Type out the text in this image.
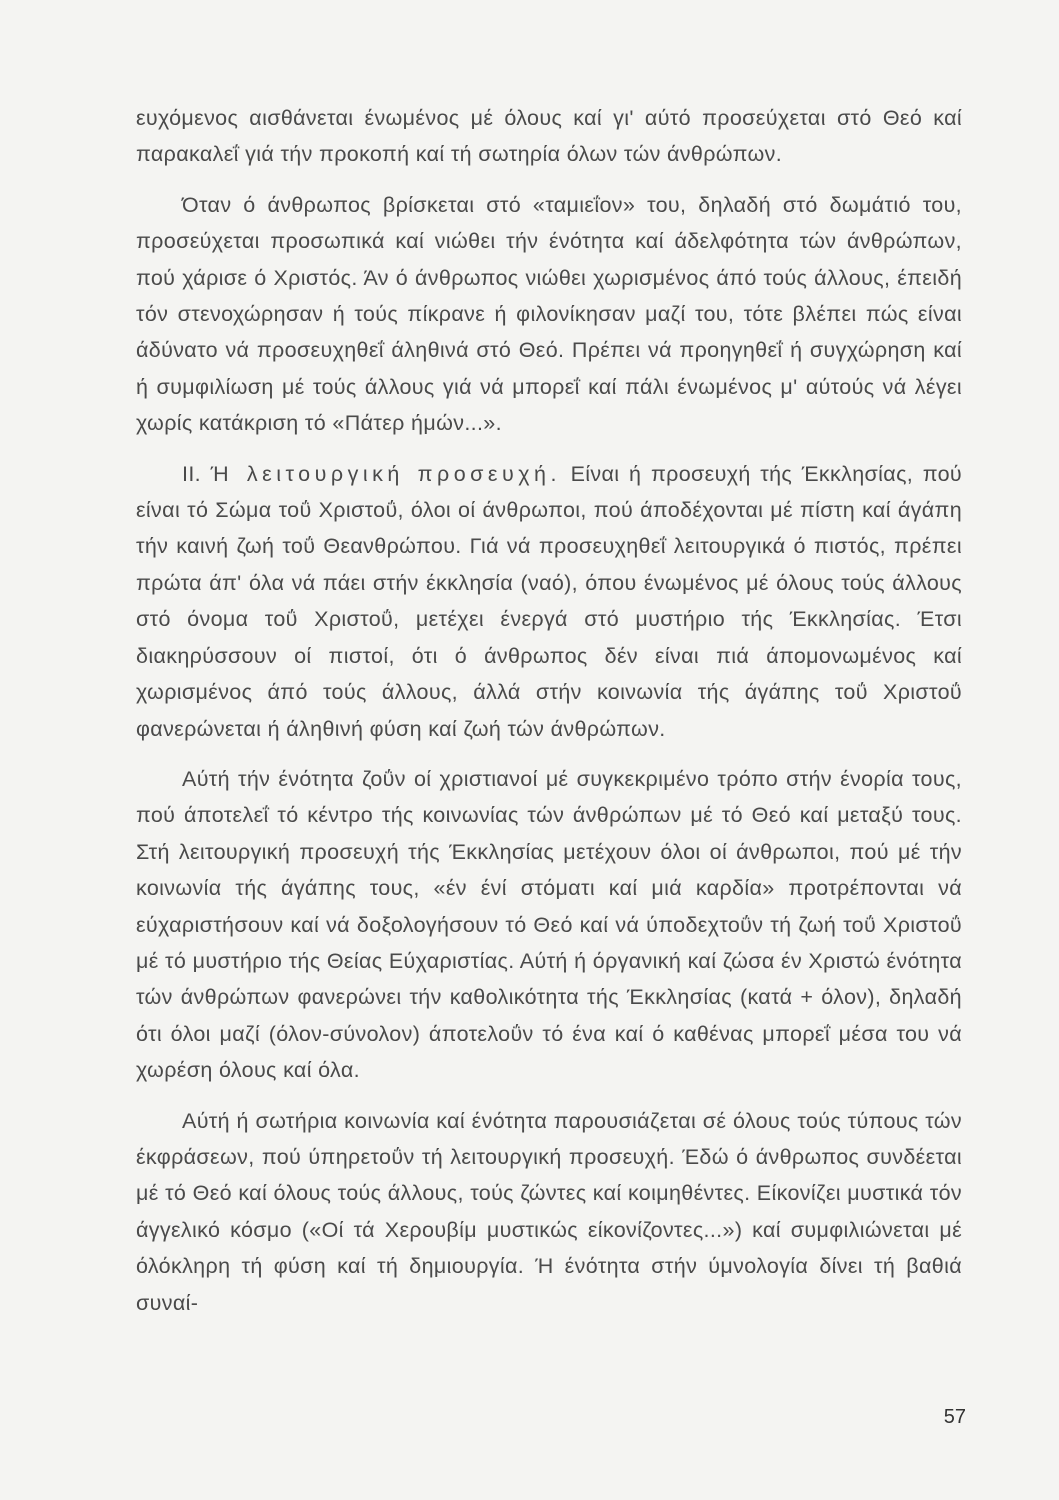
ευχόμενος αισθάνεται ένωμένος μέ όλους καί γι' αύτό προσεύχεται στό Θεό καί παρακαλεΐ γιά τήν προκοπή καί τή σωτηρία όλων τών άνθρώπων.

Όταν ό άνθρωπος βρίσκεται στό «ταμιεΐον» του, δηλαδή στό δωμάτιό του, προσεύχεται προσωπικά καί νιώθει τήν ένότητα καί άδελφότητα τών άνθρώπων, πού χάρισε ό Χριστός. Άν ό άνθρωπος νιώθει χωρισμένος άπό τούς άλλους, έπειδή τόν στενοχώρησαν ή τούς πίκρανε ή φιλονίκησαν μαζί του, τότε βλέπει πώς είναι άδύνατο νά προσευχηθεΐ άληθινά στό Θεό. Πρέπει νά προηγηθεΐ ή συγχώρηση καί ή συμφιλίωση μέ τούς άλλους γιά νά μπορεΐ καί πάλι ένωμένος μ' αύτούς νά λέγει χωρίς κατάκριση τό «Πάτερ ήμών...».

II. Ή λειτουργική προσευχή. Είναι ή προσευχή τής Έκκλησίας, πού είναι τό Σώμα τοΰ Χριστοΰ, όλοι οί άνθρωποι, πού άποδέχονται μέ πίστη καί άγάπη τήν καινή ζωή τοΰ Θεανθρώπου. Γιά νά προσευχηθεΐ λειτουργικά ό πιστός, πρέπει πρώτα άπ' όλα νά πάει στήν έκκλησία (ναό), όπου ένωμένος μέ όλους τούς άλλους στό όνομα τοΰ Χριστοΰ, μετέχει ένεργά στό μυστήριο τής Έκκλησίας. Έτσι διακηρύσσουν οί πιστοί, ότι ό άνθρωπος δέν είναι πιά άπομονωμένος καί χωρισμένος άπό τούς άλλους, άλλά στήν κοινωνία τής άγάπης τοΰ Χριστοΰ φανερώνεται ή άληθινή φύση καί ζωή τών άνθρώπων.

Αύτή τήν ένότητα ζοΰν οί χριστιανοί μέ συγκεκριμένο τρόπο στήν ένορία τους, πού άποτελεΐ τό κέντρο τής κοινωνίας τών άνθρώπων μέ τό Θεό καί μεταξύ τους. Στή λειτουργική προσευχή τής Έκκλησίας μετέχουν όλοι οί άνθρωποι, πού μέ τήν κοινωνία τής άγάπης τους, «έν ένί στόματι καί μιά καρδία» προτρέπονται νά εύχαριστήσουν καί νά δοξολογήσουν τό Θεό καί νά ύποδεχτοΰν τή ζωή τοΰ Χριστοΰ μέ τό μυστήριο τής Θείας Εύχαριστίας. Αύτή ή όργανική καί ζώσα έν Χριστώ ένότητα τών άνθρώπων φανερώνει τήν καθολικότητα τής Έκκλησίας (κατά + όλον), δηλαδή ότι όλοι μαζί (όλον-σύνολον) άποτελοΰν τό ένα καί ό καθένας μπορεΐ μέσα του νά χωρέση όλους καί όλα.

Αύτή ή σωτήρια κοινωνία καί ένότητα παρουσιάζεται σέ όλους τούς τύπους τών έκφράσεων, πού ύπηρετοΰν τή λειτουργική προσευχή. Έδώ ό άνθρωπος συνδέεται μέ τό Θεό καί όλους τούς άλλους, τούς ζώντες καί κοιμηθέντες. Είκονίζει μυστικά τόν άγγελικό κόσμο («Οί τά Χερουβίμ μυστικώς είκονίζοντες...») καί συμφιλιώνεται μέ όλόκληρη τή φύση καί τή δημιουργία. Ή ένότητα στήν ύμνολογία δίνει τή βαθιά συναί-

57
